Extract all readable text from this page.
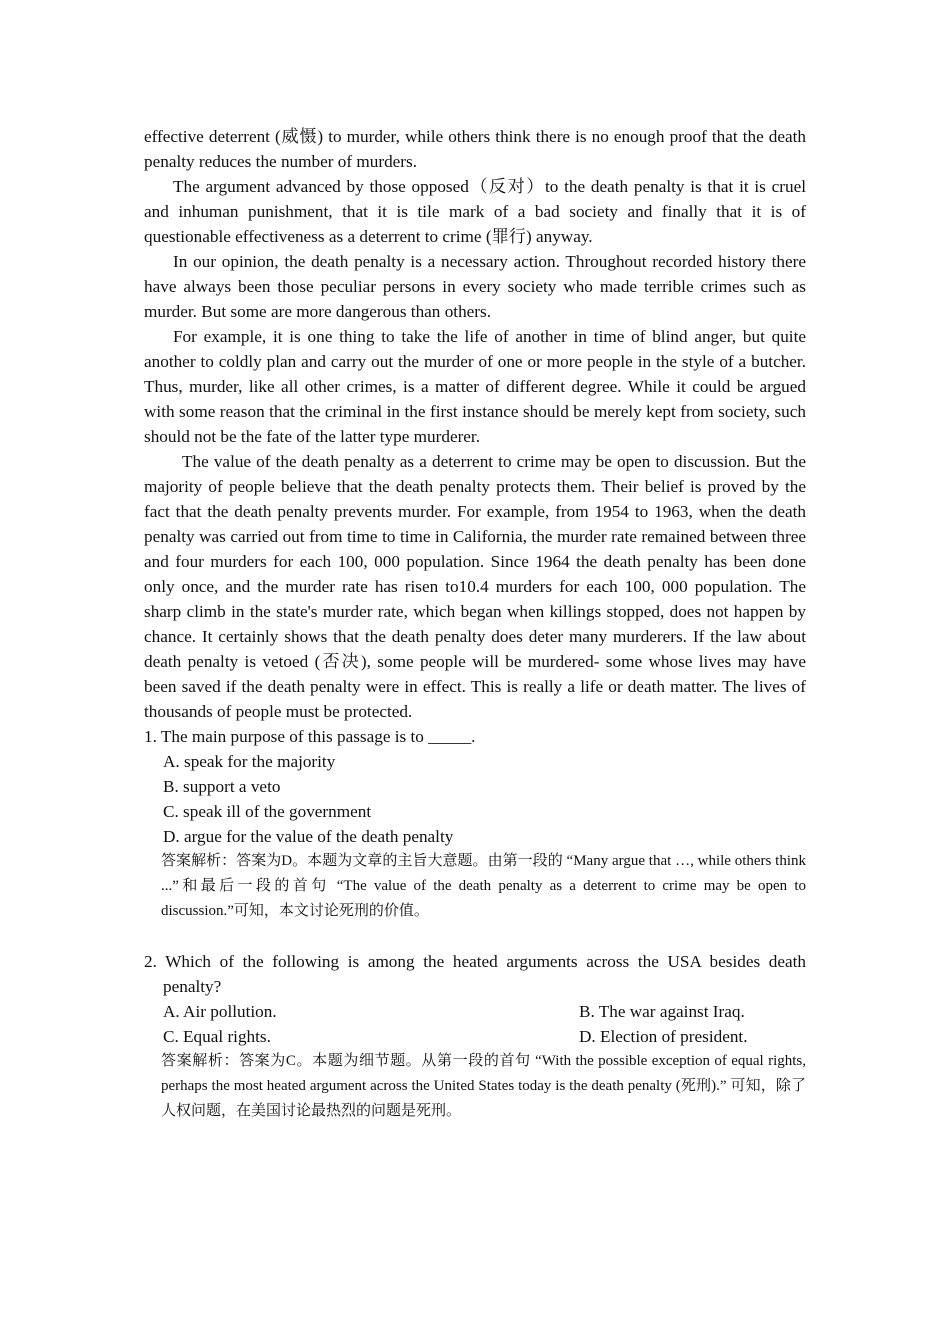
effective deterrent (威慑) to murder, while others think there is no enough proof that the death penalty reduces the number of murders.

The argument advanced by those opposed（反对）to the death penalty is that it is cruel and inhuman punishment, that it is tile mark of a bad society and finally that it is of questionable effectiveness as a deterrent to crime (罪行) anyway.

In our opinion, the death penalty is a necessary action. Throughout recorded history there have always been those peculiar persons in every society who made terrible crimes such as murder. But some are more dangerous than others.

For example, it is one thing to take the life of another in time of blind anger, but quite another to coldly plan and carry out the murder of one or more people in the style of a butcher. Thus, murder, like all other crimes, is a matter of different degree. While it could be argued with some reason that the criminal in the first instance should be merely kept from society, such should not be the fate of the latter type murderer.

The value of the death penalty as a deterrent to crime may be open to discussion. But the majority of people believe that the death penalty protects them. Their belief is proved by the fact that the death penalty prevents murder. For example, from 1954 to 1963, when the death penalty was carried out from time to time in California, the murder rate remained between three and four murders for each 100, 000 population. Since 1964 the death penalty has been done only once, and the murder rate has risen to10.4 murders for each 100, 000 population. The sharp climb in the state's murder rate, which began when killings stopped, does not happen by chance. It certainly shows that the death penalty does deter many murderers. If the law about death penalty is vetoed (否决), some people will be murdered- some whose lives may have been saved if the death penalty were in effect. This is really a life or death matter. The lives of thousands of people must be protected.

1. The main purpose of this passage is to _____.

A. speak for the majority

B. support a veto

C. speak ill of the government

D. argue for the value of the death penalty

答案解析：答案为D。本题为文章的主旨大意题。由第一段的 “Many argue that …, while others think ...”和最后一段的首句 “The value of the death penalty as a deterrent to crime may be open to discussion.”可知，本文讨论死刑的价值。

2. Which of the following is among the heated arguments across the USA besides death penalty?

A. Air pollution.	B. The war against Iraq.
C. Equal rights.	D. Election of president.

答案解析：答案为C。本题为细节题。从第一段的首句 “With the possible exception of equal rights, perhaps the most heated argument across the United States today is the death penalty (死刑).” 可知，除了人权问题，在美国讨论最热烈的问题是死刑。
